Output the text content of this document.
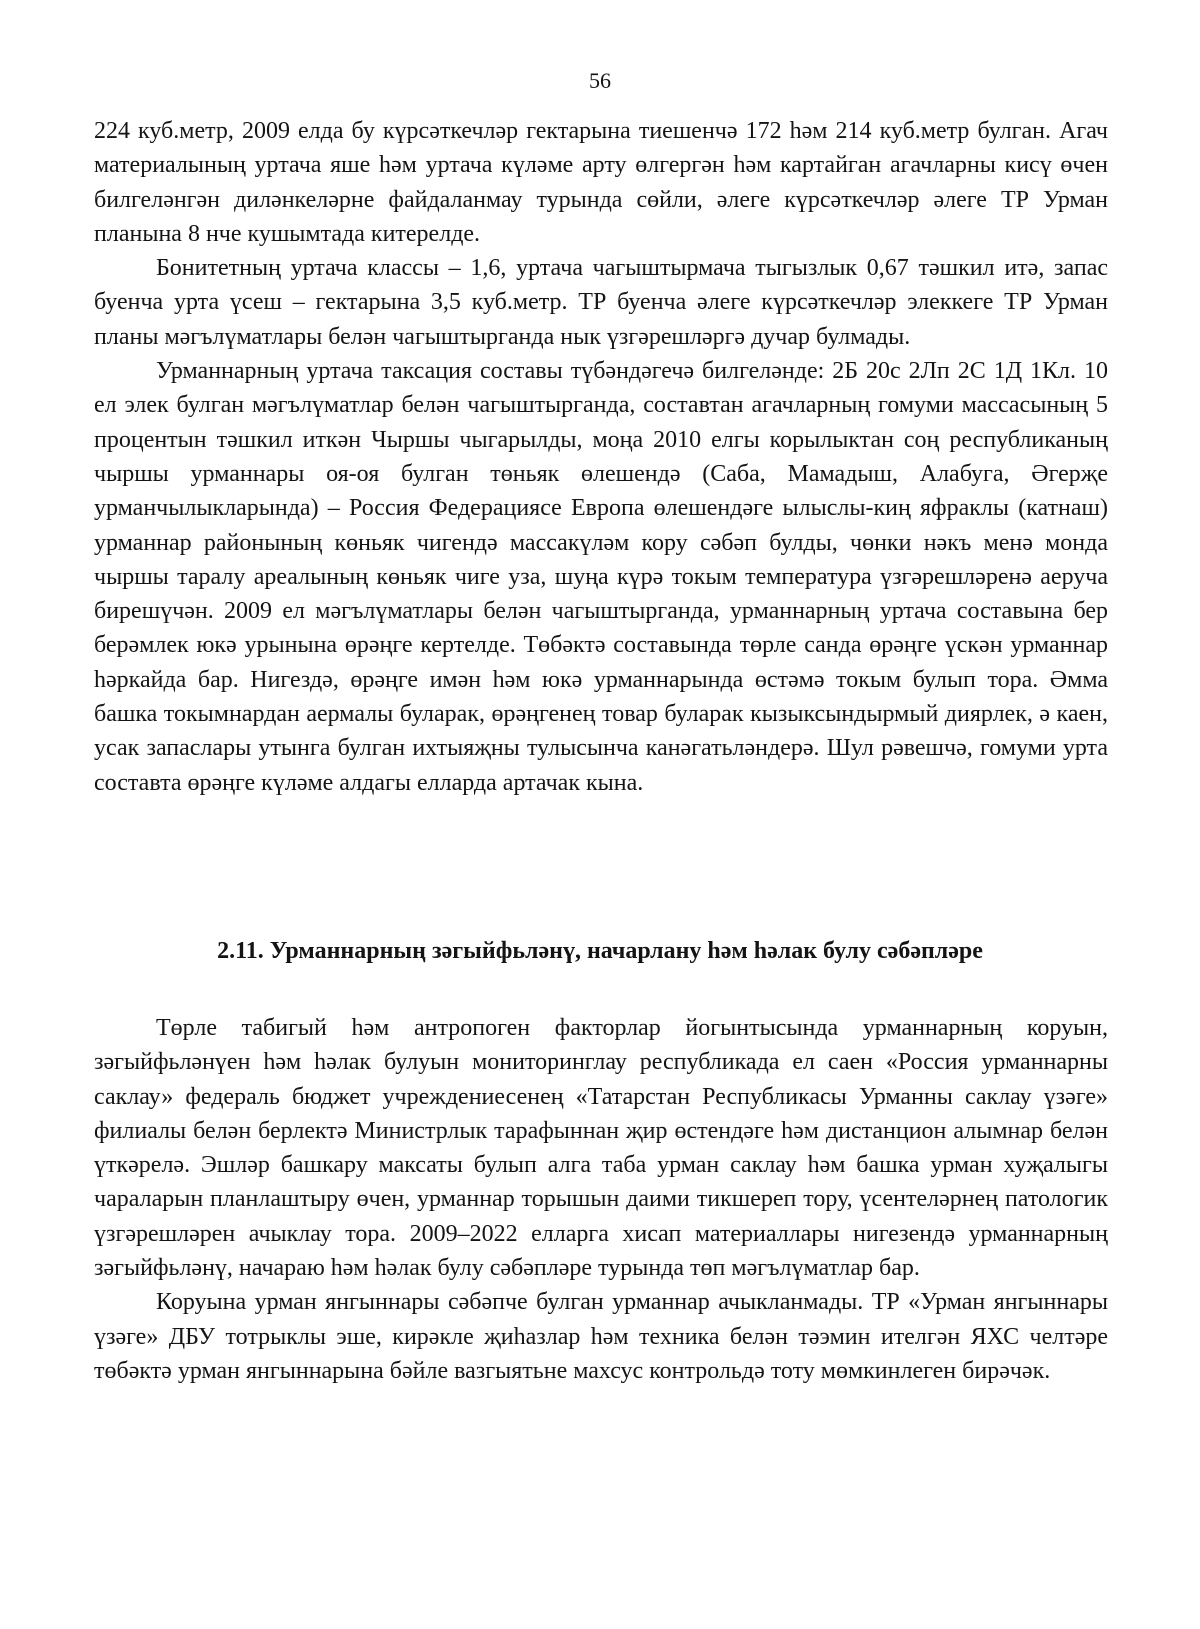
56

224 куб.метр, 2009 елда бу күрсәткечләр гектарына тиешенчә 172 һәм 214 куб.метр булган. Агач материалының уртача яше һәм уртача күләме арту өлгергән һәм картайган агачларны кисү өчен билгеләнгән диләнкеләрне файдаланмау турында сөйли, әлеге күрсәткечләр әлеге ТР Урман планына 8 нче кушымтада китерелде.

Бонитетның уртача классы – 1,6, уртача чагыштырмача тыгызлык 0,67 тәшкил итә, запас буенча урта үсеш – гектарына 3,5 куб.метр. ТР буенча әлеге күрсәткечләр элеккеге ТР Урман планы мәгълүматлары белән чагыштырганда нык үзгәрешләргә дучар булмады.

Урманнарның уртача таксация составы түбәндәгечә билгеләнде: 2Б 20с 2Лп 2С 1Д 1Кл. 10 ел элек булган мәгълүматлар белән чагыштырганда, составтан агачларның гомуми массасының 5 процентын тәшкил иткән Чыршы чыгарылды, моңа 2010 елгы корылыктан соң республиканың чыршы урманнары оя-оя булган төньяк өлешендә (Саба, Мамадыш, Алабуга, Әгерҗе урманчылыкларында) – Россия Федерациясе Европа өлешендәге ылыслы-киң яфраклы (катнаш) урманнар районының көньяк чигендә массакүләм кору сәбәп булды, чөнки нәкъ менә монда чыршы таралу ареалының көньяк чиге уза, шуңа күрә токым температура үзгәрешләренә аеруча бирешүчән. 2009 ел мәгълүматлары белән чагыштырганда, урманнарның уртача составына бер берәмлек юкә урынына өрәңге кертелде. Төбәктә составында төрле санда өрәңге үскән урманнар һәркайда бар. Нигездә, өрәңге имән һәм юкә урманнарында өстәмә токым булып тора. Әмма башка токымнардан аермалы буларак, өрәңгенең товар буларак кызыксындырмый диярлек, ә каен, усак запаслары утынга булган ихтыяҗны тулысынча канәгатьләндерә. Шул рәвешчә, гомуми урта составта өрәңге күләме алдагы елларда артачак кына.

2.11. Урманнарның зәгыйфьләнү, начарлану һәм һәлак булу сәбәпләре

Төрле табигый һәм антропоген факторлар йогынтысында урманнарның коруын, зәгыйфьләнүен һәм һәлак булуын мониторинглау республикада ел саен «Россия урманнарны саклау» федераль бюджет учреждениесенең «Татарстан Республикасы Урманны саклау үзәге» филиалы белән берлектә Министрлык тарафыннан җир өстендәге һәм дистанцион алымнар белән үткәрелә. Эшләр башкару максаты булып алга таба урман саклау һәм башка урман хуҗалыгы чараларын планлаштыру өчен, урманнар торышын даими тикшереп тору, үсентеләрнең патологик үзгәрешләрен ачыклау тора. 2009–2022 елларга хисап материаллары нигезендә урманнарның зәгыйфьләнү, начараю һәм һәлак булу сәбәпләре турында төп мәгълүматлар бар.

Коруына урман янгыннары сәбәпче булган урманнар ачыкланмады. ТР «Урман янгыннары үзәге» ДБУ тотрыклы эше, кирәкле җиһазлар һәм техника белән тәэмин ителгән ЯХС челтәре төбәктә урман янгыннарына бәйле вазгыятьне махсус контрольдә тоту мөмкинлеген бирәчәк.
